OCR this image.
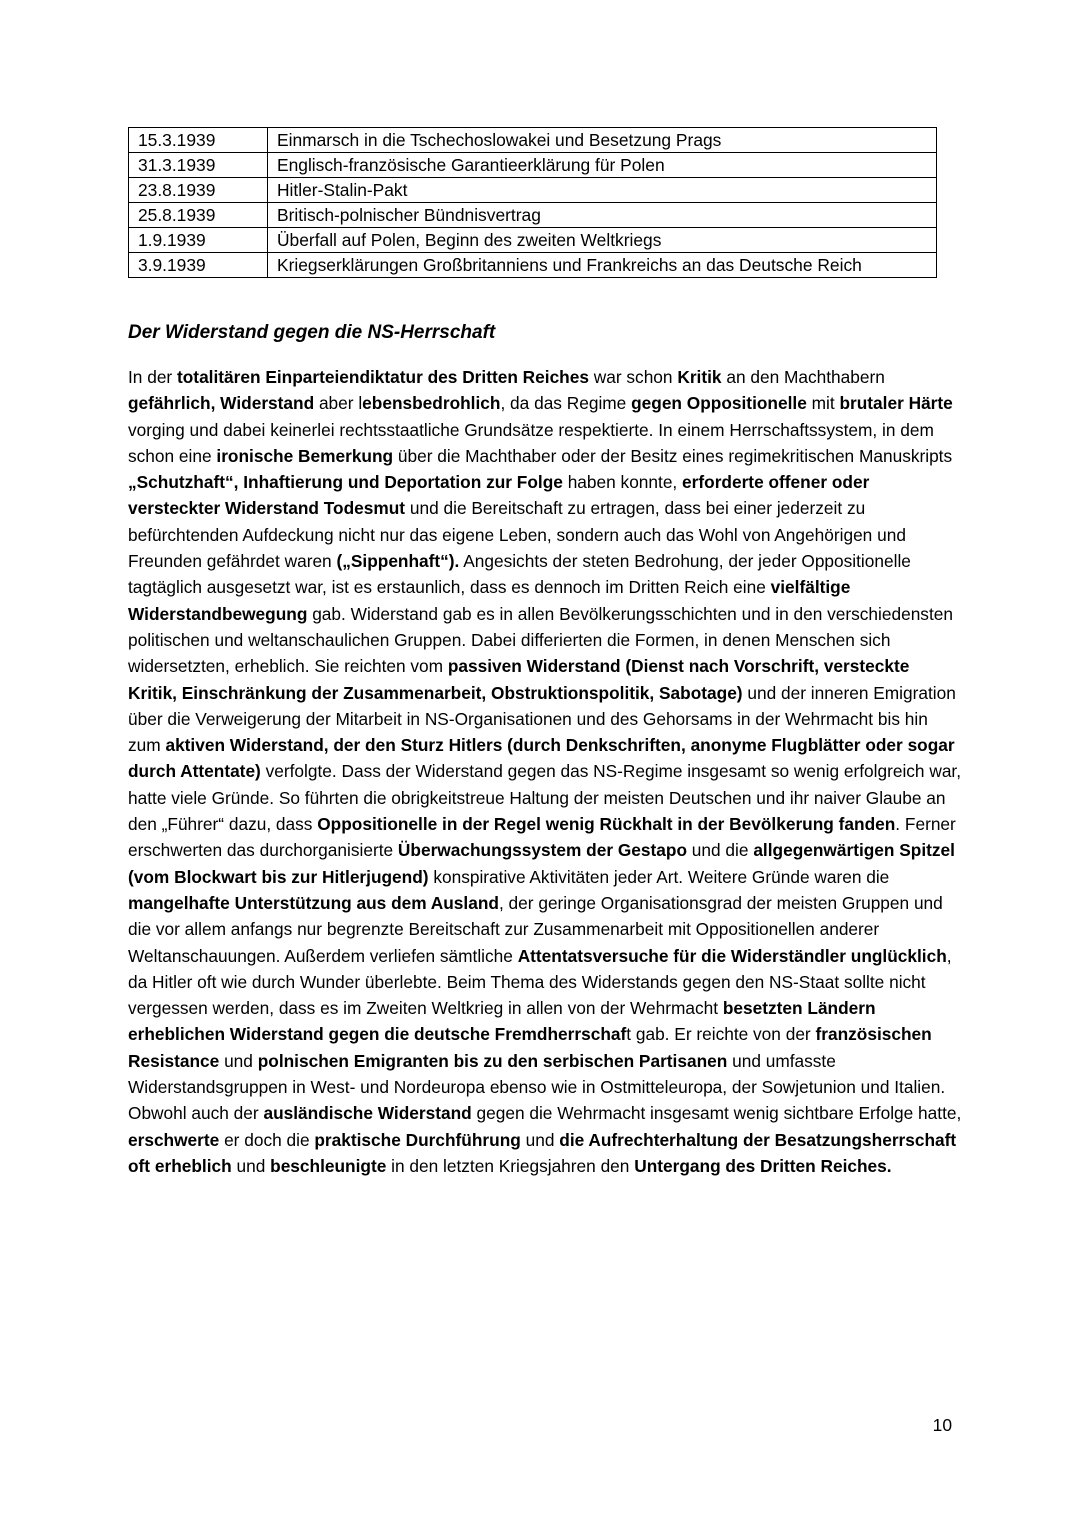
15.3.1939	Einmarsch in die Tschechoslowakei und Besetzung Prags
31.3.1939	Englisch-französische Garantieerklärung für Polen
23.8.1939	Hitler-Stalin-Pakt
25.8.1939	Britisch-polnischer Bündnisvertrag
1.9.1939	Überfall auf Polen, Beginn des zweiten Weltkriegs
3.9.1939	Kriegserklärungen Großbritanniens und Frankreichs an das Deutsche Reich
Der Widerstand gegen die NS-Herrschaft

In der totalitären Einparteiendiktatur des Dritten Reiches war schon Kritik an den Machthabern gefährlich, Widerstand aber lebensbedrohlich, da das Regime gegen Oppositionelle mit brutaler Härte vorging und dabei keinerlei rechtsstaatliche Grundsätze respektierte. In einem Herrschaftssystem, in dem schon eine ironische Bemerkung über die Machthaber oder der Besitz eines regimekritischen Manuskripts „Schutzhaft“, Inhaftierung und Deportation zur Folge haben konnte, erforderte offener oder versteckter Widerstand Todesmut und die Bereitschaft zu ertragen, dass bei einer jederzeit zu befürchtenden Aufdeckung nicht nur das eigene Leben, sondern auch das Wohl von Angehörigen und Freunden gefährdet waren („Sippenhaft“). Angesichts der steten Bedrohung, der jeder Oppositionelle tagtäglich ausgesetzt war, ist es erstaunlich, dass es dennoch im Dritten Reich eine vielfältige Widerstandbewegung gab. Widerstand gab es in allen Bevölkerungsschichten und in den verschiedensten politischen und weltanschaulichen Gruppen. Dabei differierten die Formen, in denen Menschen sich widersetzten, erheblich. Sie reichten vom passiven Widerstand (Dienst nach Vorschrift, versteckte Kritik, Einschränkung der Zusammenarbeit, Obstruktionspolitik, Sabotage) und der inneren Emigration über die Verweigerung der Mitarbeit in NS-Organisationen und des Gehorsams in der Wehrmacht bis hin zum aktiven Widerstand, der den Sturz Hitlers (durch Denkschriften, anonyme Flugblätter oder sogar durch Attentate) verfolgte. Dass der Widerstand gegen das NS-Regime insgesamt so wenig erfolgreich war, hatte viele Gründe. So führten die obrigkeitstreue Haltung der meisten Deutschen und ihr naiver Glaube an den „Führer“ dazu, dass Oppositionelle in der Regel wenig Rückhalt in der Bevölkerung fanden. Ferner erschwerten das durchorganisierte Überwachungssystem der Gestapo und die allgegenwärtigen Spitzel (vom Blockwart bis zur Hitlerjugend) konspirative Aktivitäten jeder Art. Weitere Gründe waren die mangelhafte Unterstützung aus dem Ausland, der geringe Organisationsgrad der meisten Gruppen und die vor allem anfangs nur begrenzte Bereitschaft zur Zusammenarbeit mit Oppositionellen anderer Weltanschauungen. Außerdem verliefen sämtliche Attentatsversuche für die Widerständler unglücklich, da Hitler oft wie durch Wunder überlebte. Beim Thema des Widerstands gegen den NS-Staat sollte nicht vergessen werden, dass es im Zweiten Weltkrieg in allen von der Wehrmacht besetzten Ländern erheblichen Widerstand gegen die deutsche Fremdherrschaft gab. Er reichte von der französischen Resistance und polnischen Emigranten bis zu den serbischen Partisanen und umfasste Widerstandsgruppen in West- und Nordeuropa ebenso wie in Ostmitteleuropa, der Sowjetunion und Italien. Obwohl auch der ausländische Widerstand gegen die Wehrmacht insgesamt wenig sichtbare Erfolge hatte, erschwerte er doch die praktische Durchführung und die Aufrechterhaltung der Besatzungsherrschaft oft erheblich und beschleunigte in den letzten Kriegsjahren den Untergang des Dritten Reiches.

10
